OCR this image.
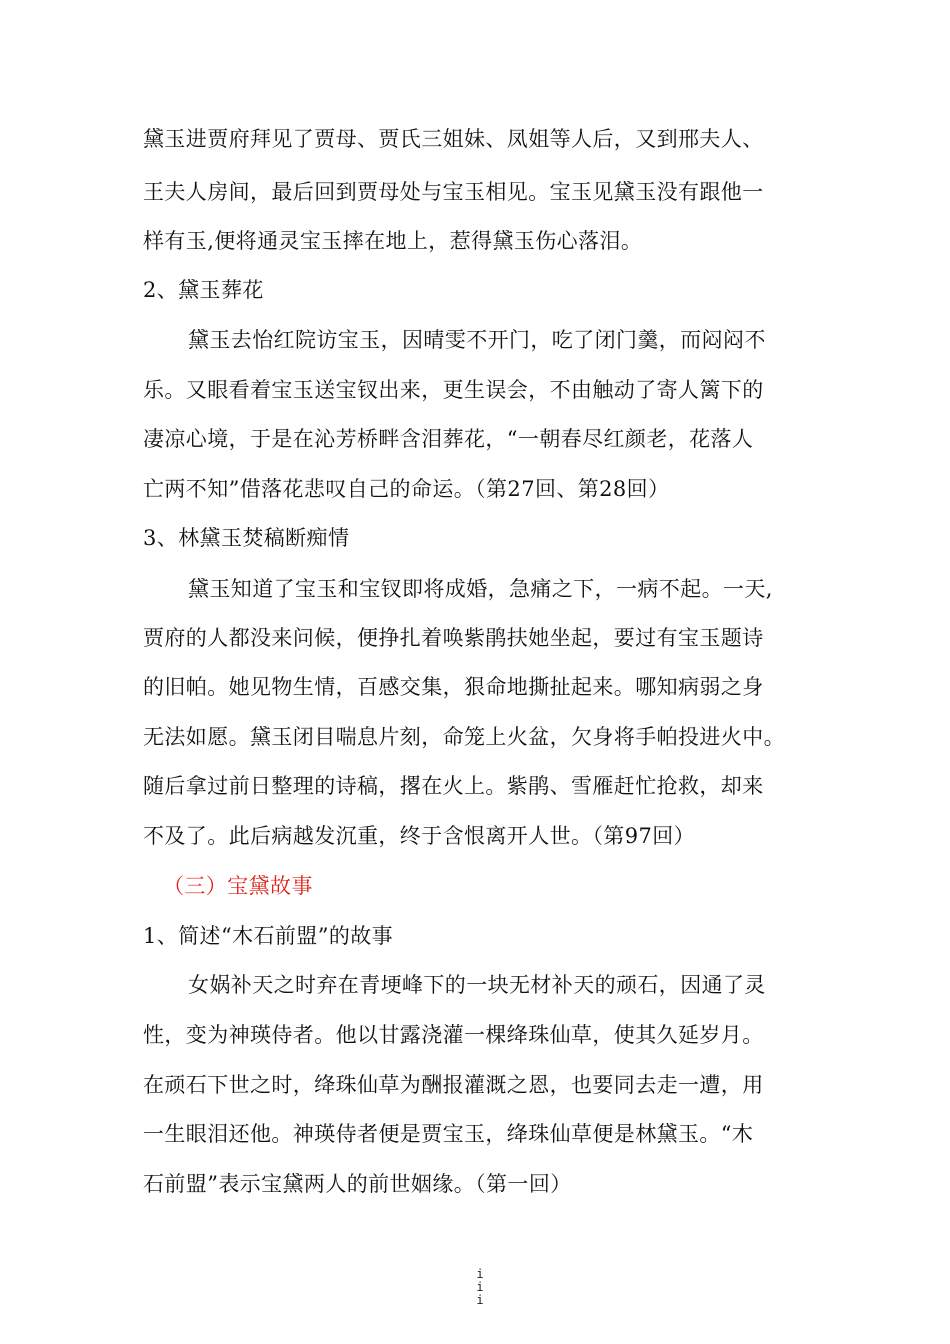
黛玉进贾府拜见了贾母、贾氏三姐妹、凤姐等人后，又到邢夫人、
王夫人房间，最后回到贾母处与宝玉相见。宝玉见黛玉没有跟他一
样有玉,便将通灵宝玉摔在地上，惹得黛玉伤心落泪。
2、黛玉葬花
黛玉去怡红院访宝玉，因晴雯不开门，吃了闭门羹，而闷闷不
乐。又眼看着宝玉送宝钗出来，更生误会，不由触动了寄人篱下的
凄凉心境，于是在沁芳桥畔含泪葬花，“一朝春尽红颜老，花落人
亡两不知”借落花悲叹自己的命运。（第27回、第28回）
3、林黛玉焚稿断痴情
黛玉知道了宝玉和宝钗即将成婚，急痛之下，一病不起。一天,
贾府的人都没来问候，便挣扎着唤紫鹃扶她坐起，要过有宝玉题诗
的旧帕。她见物生情，百感交集，狠命地撕扯起来。哪知病弱之身
无法如愿。黛玉闭目喘息片刻，命笼上火盆，欠身将手帕投进火中。
随后拿过前日整理的诗稿，撂在火上。紫鹃、雪雁赶忙抢救，却来
不及了。此后病越发沉重，终于含恨离开人世。（第97回）
（三）宝黛故事
1、简述“木石前盟”的故事
女娲补天之时弃在青埂峰下的一块无材补天的顽石，因通了灵
性，变为神瑛侍者。他以甘露浇灌一棵绛珠仙草，使其久延岁月。
在顽石下世之时，绛珠仙草为酬报灌溉之恩，也要同去走一遭，用
一生眼泪还他。神瑛侍者便是贾宝玉，绛珠仙草便是林黛玉。“木
石前盟”表示宝黛两人的前世姻缘。（第一回）
i
i
i
